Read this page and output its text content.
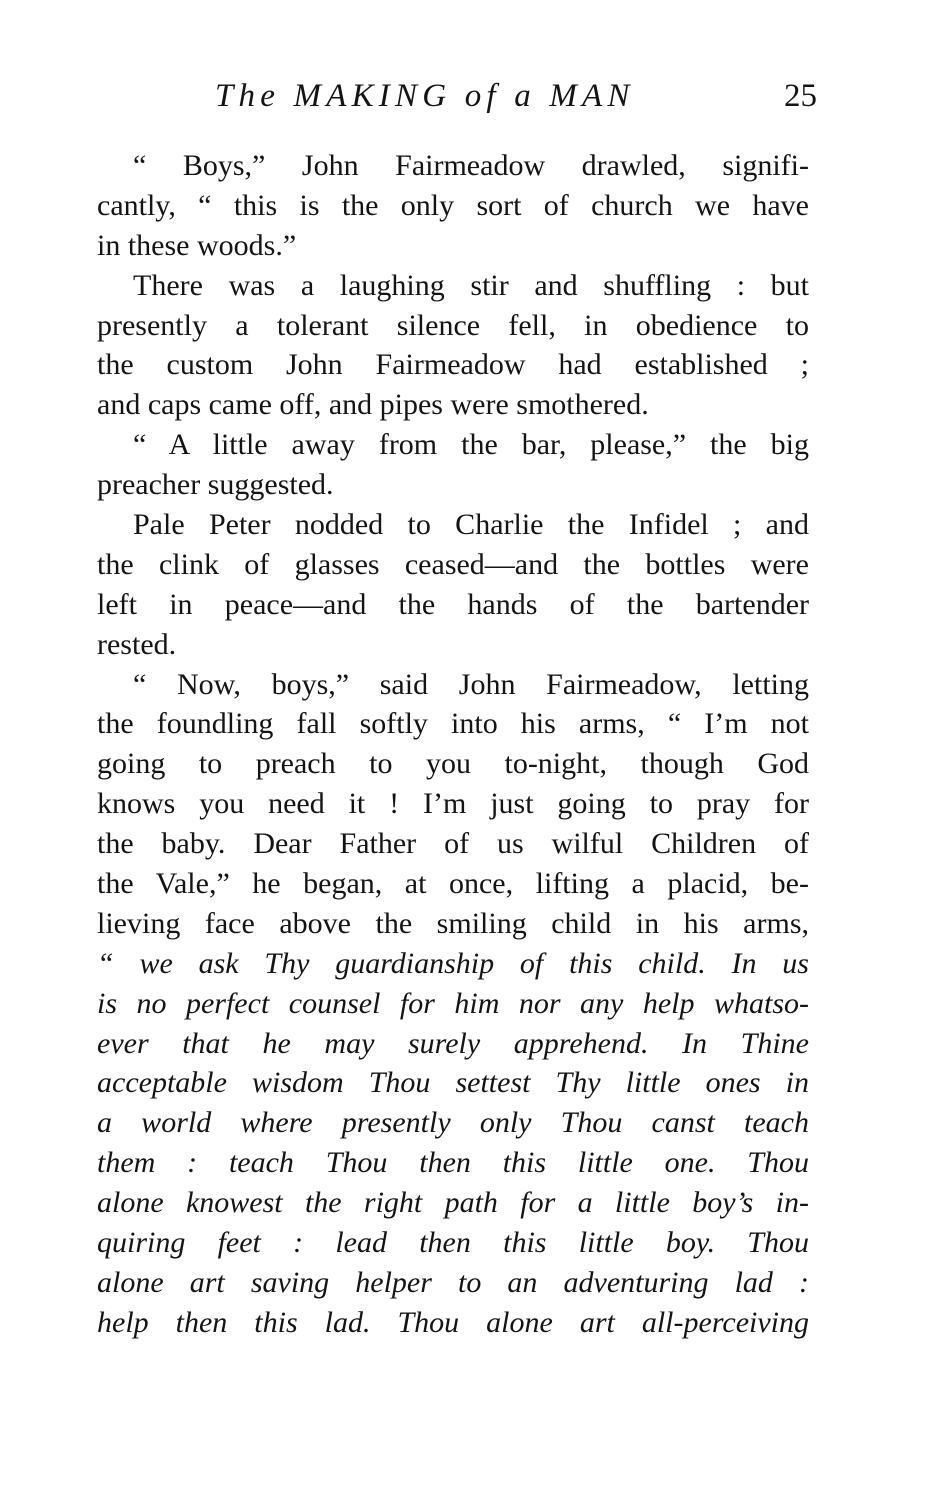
The MAKING of a MAN	25
“ Boys,” John Fairmeadow drawled, signifi-
cantly, “ this is the only sort of church we have
in these woods.”
There was a laughing stir and shuffling : but
presently a tolerant silence fell, in obedience to
the custom John Fairmeadow had established ;
and caps came off, and pipes were smothered.
“ A little away from the bar, please,” the big
preacher suggested.
Pale Peter nodded to Charlie the Infidel ; and
the clink of glasses ceased—and the bottles were
left in peace—and the hands of the bartender
rested.
“ Now, boys,” said John Fairmeadow, letting
the foundling fall softly into his arms, “ I’m not
going to preach to you to-night, though God
knows you need it ! I’m just going to pray for
the baby. Dear Father of us wilful Children of
the Vale,” he began, at once, lifting a placid, be-
lieving face above the smiling child in his arms,
“ we ask Thy guardianship of this child. In us
is no perfect counsel for him nor any help whatso-
ever that he may surely apprehend. In Thine
acceptable wisdom Thou settest Thy little ones in
a world where presently only Thou canst teach
them : teach Thou then this little one. Thou
alone knowest the right path for a little boy’s in-
quiring feet : lead then this little boy. Thou
alone art saving helper to an adventuring lad :
help then this lad. Thou alone art all-perceiving
